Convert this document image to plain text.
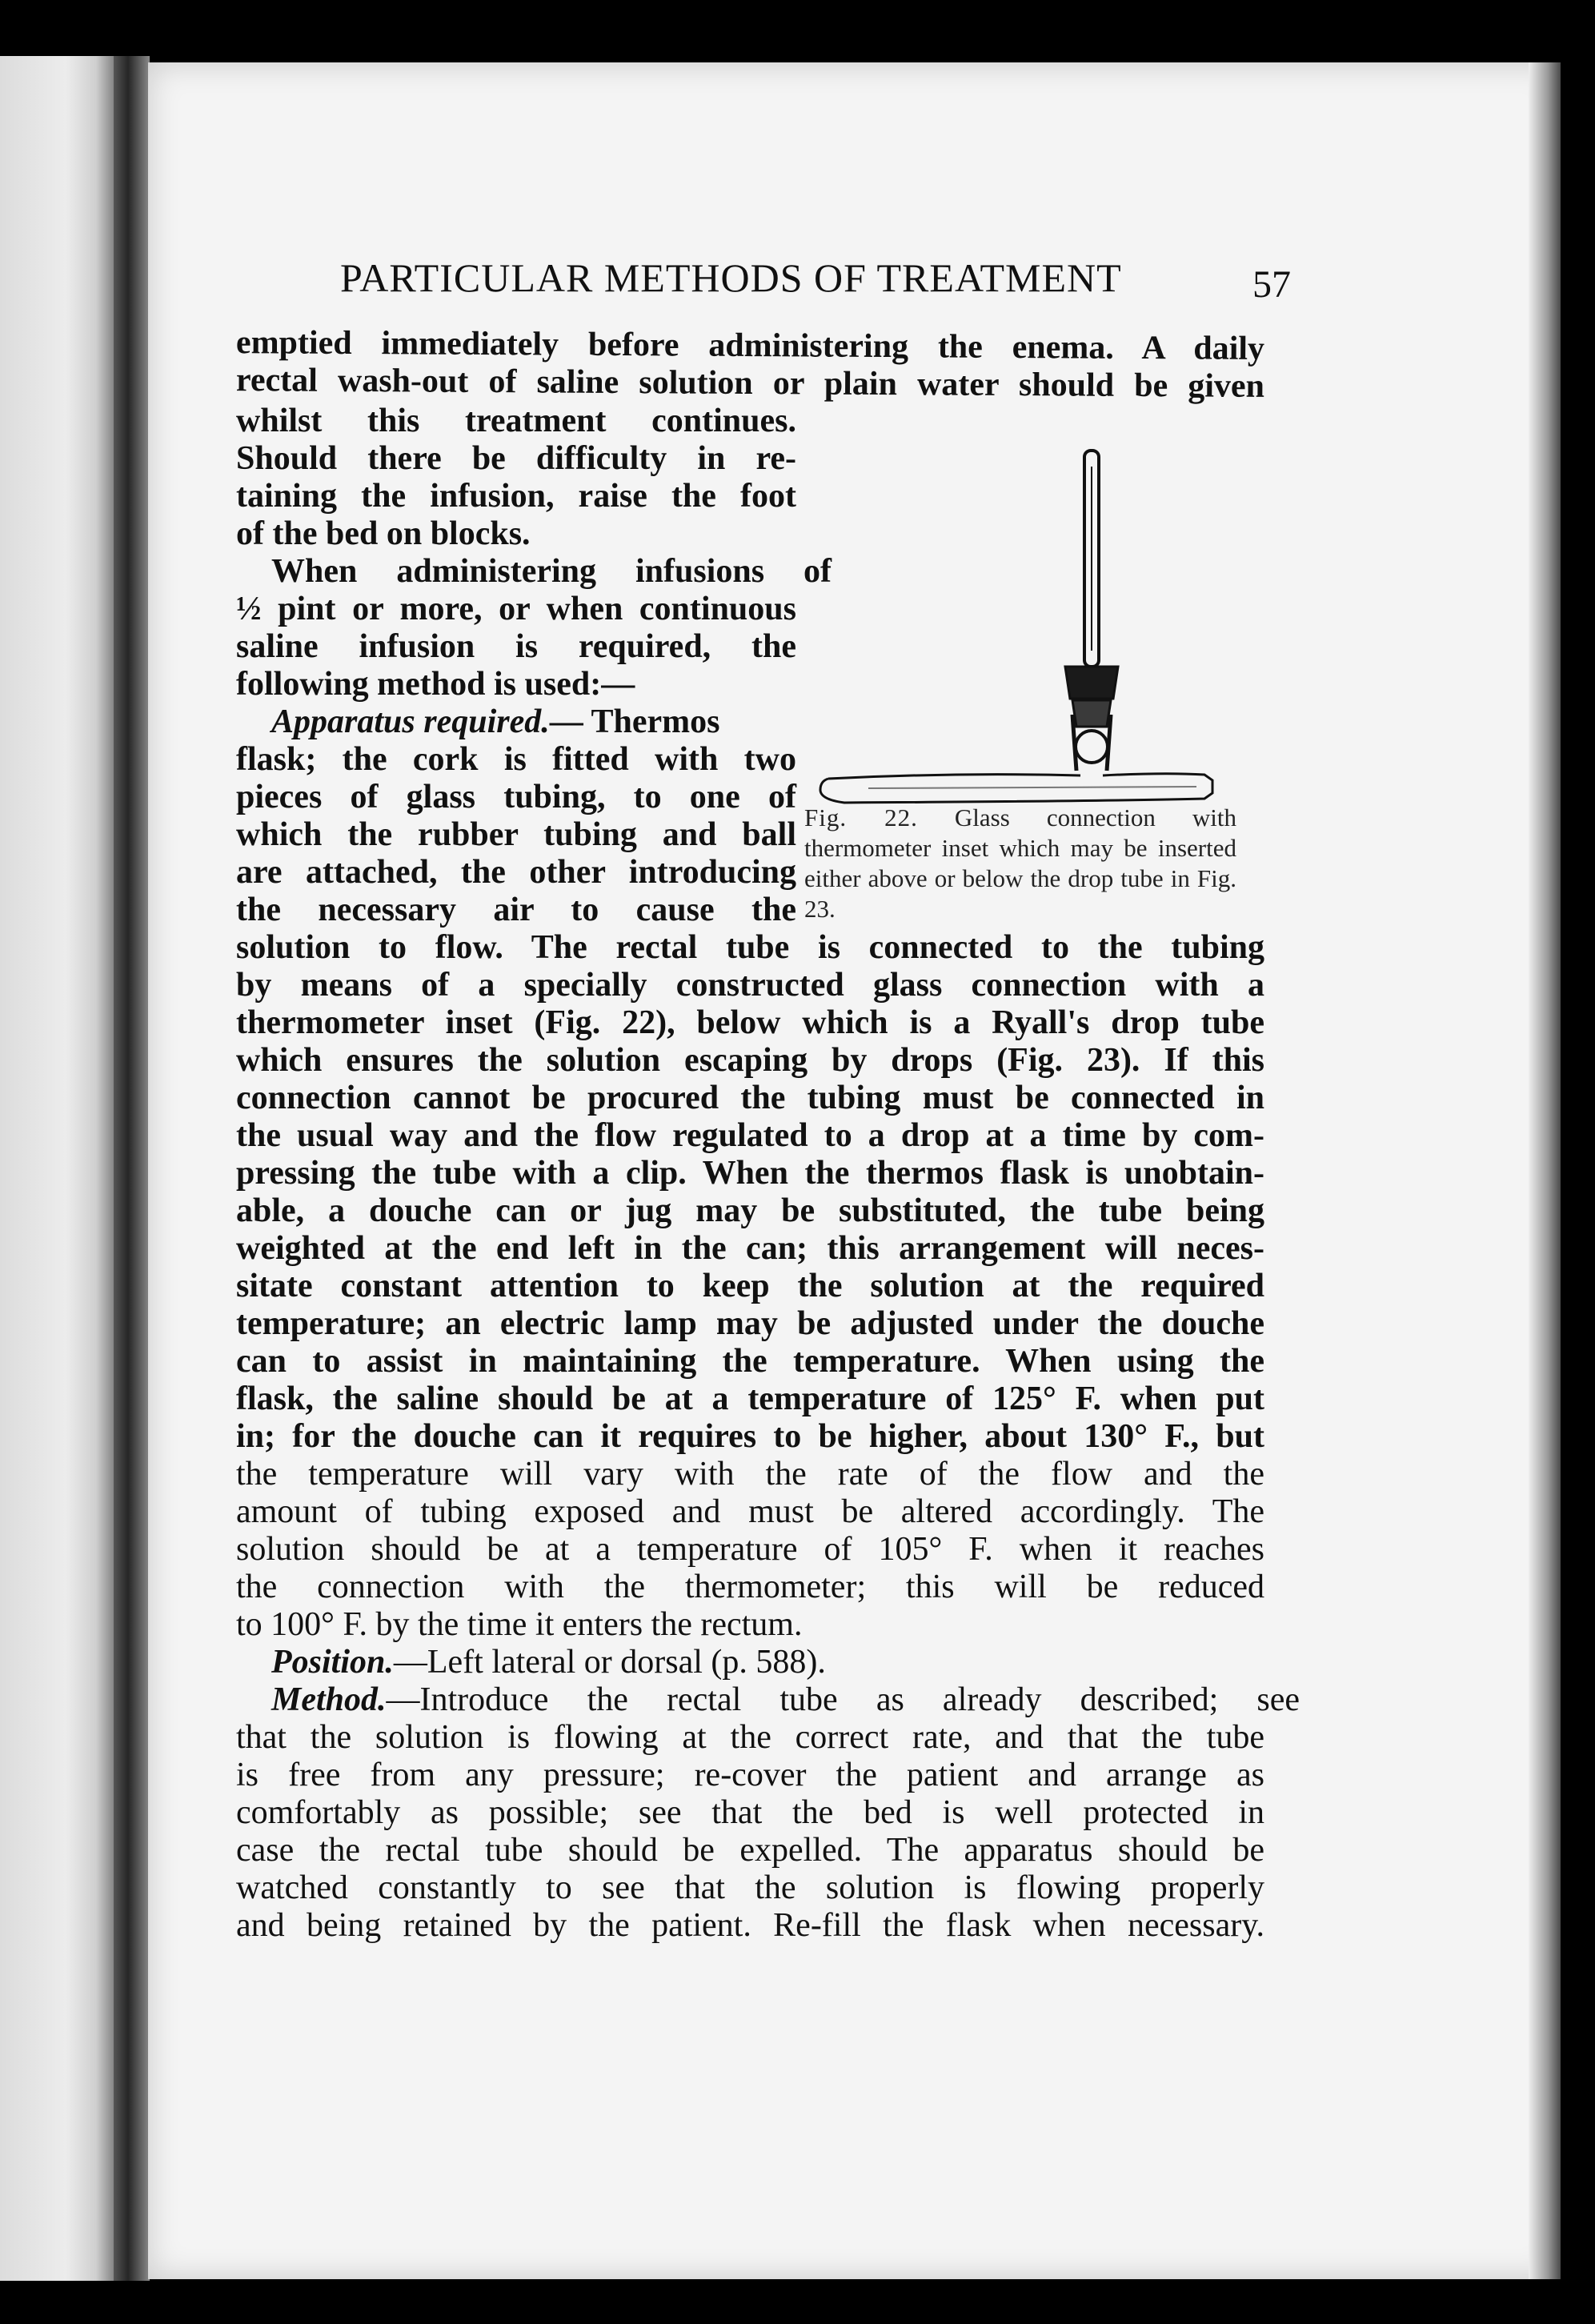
PARTICULAR METHODS OF TREATMENT	57
emptied immediately before administering the enema. A daily
rectal wash-out of saline solution or plain water should be given
whilst this treatment continues.
Should there be difficulty in re-
taining the infusion, raise the foot
of the bed on blocks.
When administering infusions of
½ pint or more, or when continuous
saline infusion is required, the
following method is used:—
Apparatus required.— Thermos
flask; the cork is fitted with two
pieces of glass tubing, to one of
which the rubber tubing and ball
are attached, the other introducing
the necessary air to cause the
solution to flow. The rectal tube is connected to the tubing
by means of a specially constructed glass connection with a
thermometer inset (Fig. 22), below which is a Ryall's drop tube
which ensures the solution escaping by drops (Fig. 23). If this
connection cannot be procured the tubing must be connected in
the usual way and the flow regulated to a drop at a time by com-
pressing the tube with a clip. When the thermos flask is unobtain-
able, a douche can or jug may be substituted, the tube being
weighted at the end left in the can; this arrangement will neces-
sitate constant attention to keep the solution at the required
temperature; an electric lamp may be adjusted under the douche
can to assist in maintaining the temperature. When using the
flask, the saline should be at a temperature of 125° F. when put
in; for the douche can it requires to be higher, about 130° F., but
the temperature will vary with the rate of the flow and the
amount of tubing exposed and must be altered accordingly. The
solution should be at a temperature of 105° F. when it reaches
the connection with the thermometer; this will be reduced
to 100° F. by the time it enters the rectum.
Position.—Left lateral or dorsal (p. 588).
Method.—Introduce the rectal tube as already described; see
that the solution is flowing at the correct rate, and that the tube
is free from any pressure; re-cover the patient and arrange as
comfortably as possible; see that the bed is well protected in
case the rectal tube should be expelled. The apparatus should be
watched constantly to see that the solution is flowing properly
and being retained by the patient. Re-fill the flask when necessary.
Fig. 22. Glass connection with thermometer inset which may be inserted either above or below the drop tube in Fig. 23.
